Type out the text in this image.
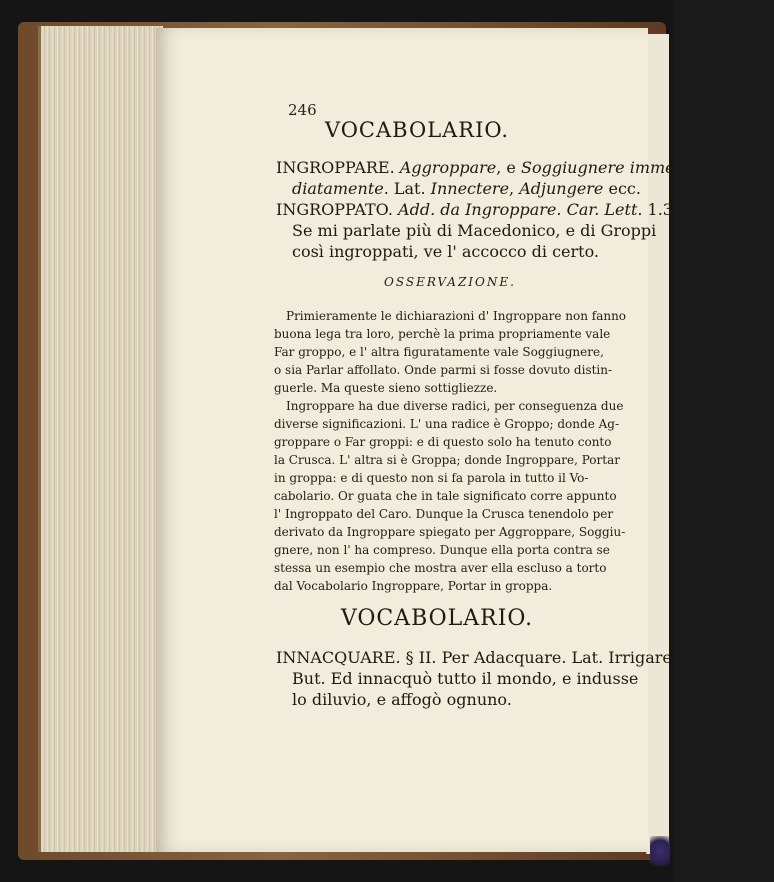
246
VOCABOLARIO.
INGROPPARE. Aggroppare, e Soggiugnere imme-
diatamente. Lat. Innectere, Adjungere ecc.
INGROPPATO. Add. da Ingroppare. Car. Lett. 1.33.
Se mi parlate più di Macedonico, e di Groppi
così ingroppati, ve l' accocco di certo.
OSSERVAZIONE.
Primieramente le dichiarazioni d' Ingroppare non fanno
buona lega tra loro, perchè la prima propriamente vale
Far groppo, e l' altra figuratamente vale Soggiugnere,
o sia Parlar affollato. Onde parmi si fosse dovuto distin-
guerle. Ma queste sieno sottigliezze.
Ingroppare ha due diverse radici, per conseguenza due
diverse significazioni. L' una radice è Groppo; donde Ag-
groppare o Far groppi: e di questo solo ha tenuto conto
la Crusca. L' altra si è Groppa; donde Ingroppare, Portar
in groppa: e di questo non si fa parola in tutto il Vo-
cabolario. Or guata che in tale significato corre appunto
l' Ingroppato del Caro. Dunque la Crusca tenendolo per
derivato da Ingroppare spiegato per Aggroppare, Soggiu-
gnere, non l' ha compreso. Dunque ella porta contra se
stessa un esempio che mostra aver ella escluso a torto
dal Vocabolario Ingroppare, Portar in groppa.
VOCABOLARIO.
INNACQUARE. § II. Per Adacquare. Lat. Irrigare.
But. Ed innacquò tutto il mondo, e indusse
lo diluvio, e affogò ognuno.
